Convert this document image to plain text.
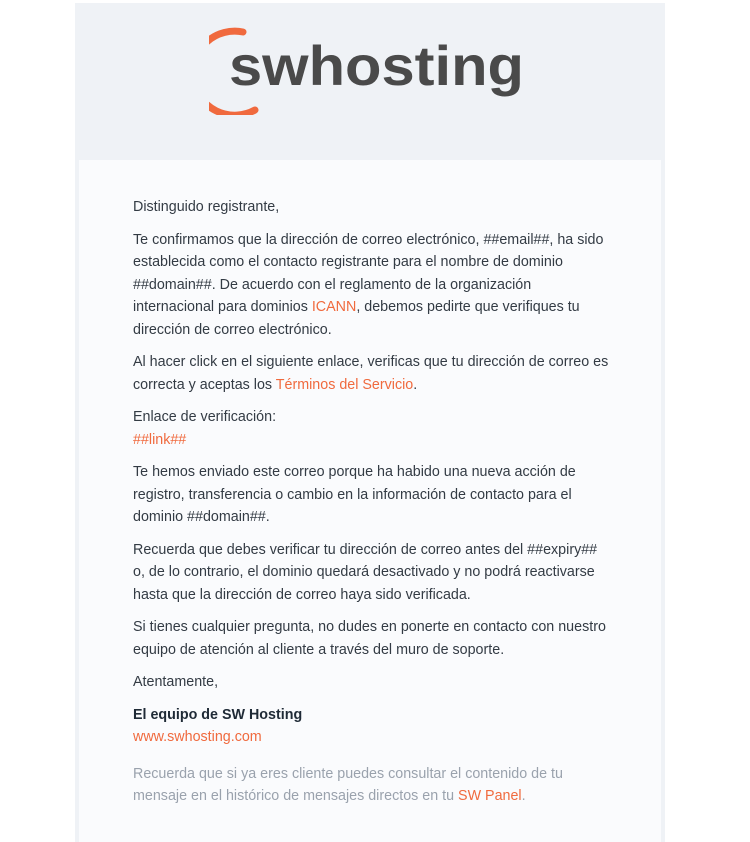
swhosting

Distinguido registrante,

Te confirmamos que la dirección de correo electrónico, ##email##, ha sido establecida como el contacto registrante para el nombre de dominio ##domain##. De acuerdo con el reglamento de la organización internacional para dominios ICANN, debemos pedirte que verifiques tu dirección de correo electrónico.

Al hacer click en el siguiente enlace, verificas que tu dirección de correo es correcta y aceptas los Términos del Servicio.

Enlace de verificación:
##link##

Te hemos enviado este correo porque ha habido una nueva acción de registro, transferencia o cambio en la información de contacto para el dominio ##domain##.

Recuerda que debes verificar tu dirección de correo antes del ##expiry## o, de lo contrario, el dominio quedará desactivado y no podrá reactivarse hasta que la dirección de correo haya sido verificada.

Si tienes cualquier pregunta, no dudes en ponerte en contacto con nuestro equipo de atención al cliente a través del muro de soporte.

Atentamente,

El equipo de SW Hosting

www.swhosting.com

Recuerda que si ya eres cliente puedes consultar el contenido de tu mensaje en el histórico de mensajes directos en tu SW Panel.
